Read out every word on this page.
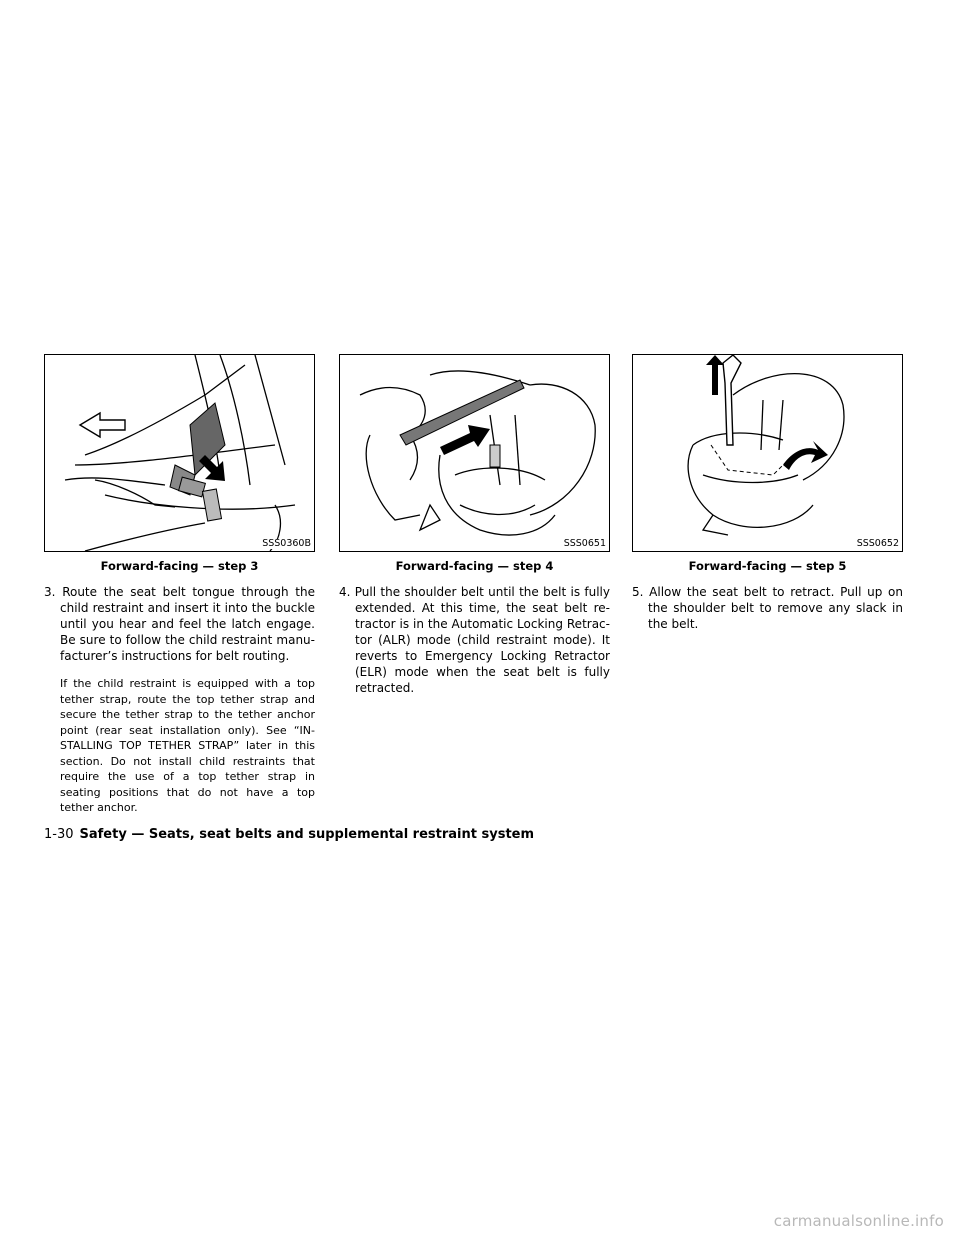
SSS0360B
Forward-facing — step 3

3. Route the seat belt tongue through the child restraint and insert it into the buckle until you hear and feel the latch engage. Be sure to follow the child restraint manu-facturer’s instructions for belt routing.

If the child restraint is equipped with a top tether strap, route the top tether strap and secure the tether strap to the tether anchor point (rear seat installation only). See “IN-STALLING TOP TETHER STRAP” later in this section. Do not install child restraints that require the use of a top tether strap in seating positions that do not have a top tether anchor.

SSS0651
Forward-facing — step 4

4. Pull the shoulder belt until the belt is fully extended. At this time, the seat belt re-tractor is in the Automatic Locking Retrac-tor (ALR) mode (child restraint mode). It reverts to Emergency Locking Retractor (ELR) mode when the seat belt is fully retracted.

SSS0652
Forward-facing — step 5

5. Allow the seat belt to retract. Pull up on the shoulder belt to remove any slack in the belt.

1-30 Safety — Seats, seat belts and supplemental restraint system
carmanualsonline.info
